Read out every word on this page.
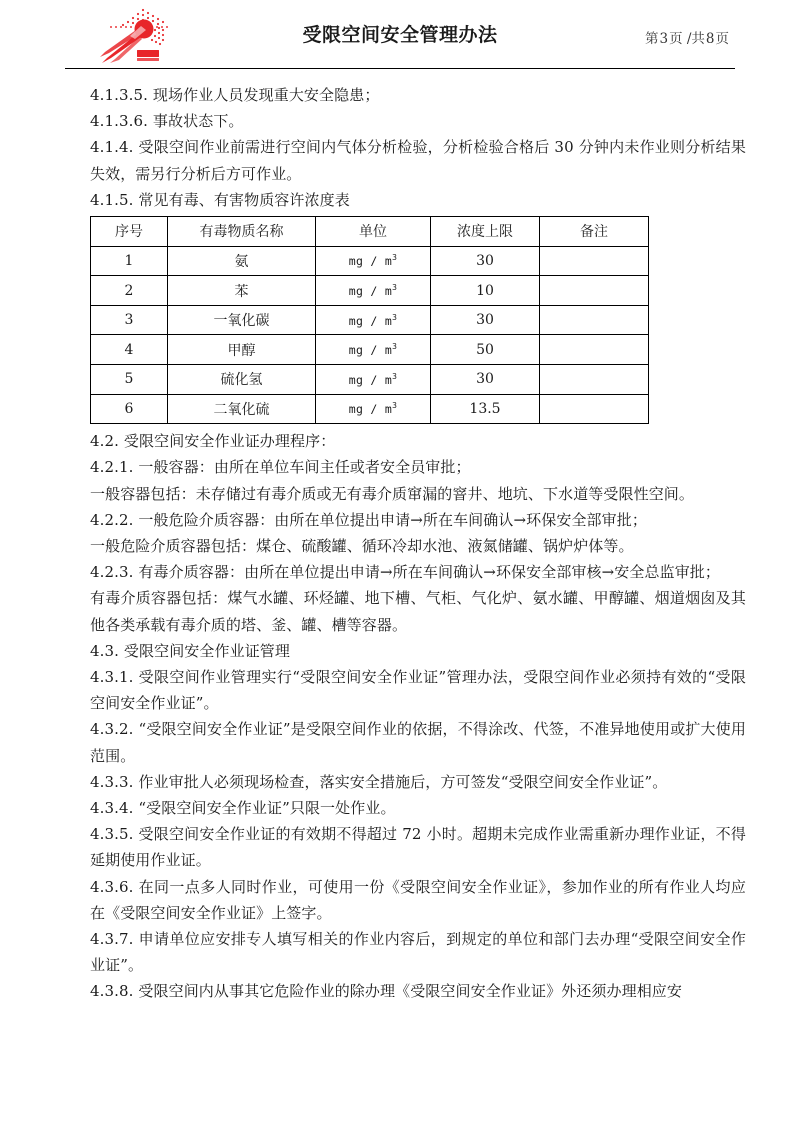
受限空间安全管理办法	第3页 /共8页

4.1.3.5. 现场作业人员发现重大安全隐患；

4.1.3.6. 事故状态下。

4.1.4. 受限空间作业前需进行空间内气体分析检验，分析检验合格后 30 分钟内未作业则分析结果失效，需另行分析后方可作业。

4.1.5. 常见有毒、有害物质容许浓度表

序号	有毒物质名称	单位	浓度上限	备注
1	氨	mg / $m^3$	30	
2	苯	mg / $m^3$	10	
3	一氧化碳	mg / $m^3$	30	
4	甲醇	mg / $m^3$	50	
5	硫化氢	mg / $m^3$	30	
6	二氧化硫	mg / $m^3$	13.5	

4.2. 受限空间安全作业证办理程序：

4.2.1. 一般容器：由所在单位车间主任或者安全员审批；

一般容器包括：未存储过有毒介质或无有毒介质窜漏的窨井、地坑、下水道等受限性空间。

4.2.2. 一般危险介质容器：由所在单位提出申请→所在车间确认→环保安全部审批；

一般危险介质容器包括：煤仓、硫酸罐、循环冷却水池、液氮储罐、锅炉炉体等。

4.2.3. 有毒介质容器：由所在单位提出申请→所在车间确认→环保安全部审核→安全总监审批；

有毒介质容器包括：煤气水罐、环烃罐、地下槽、气柜、气化炉、氨水罐、甲醇罐、烟道烟囱及其他各类承载有毒介质的塔、釜、罐、槽等容器。

4.3. 受限空间安全作业证管理

4.3.1. 受限空间作业管理实行“受限空间安全作业证”管理办法，受限空间作业必须持有效的“受限空间安全作业证”。

4.3.2. “受限空间安全作业证”是受限空间作业的依据，不得涂改、代签，不准异地使用或扩大使用范围。

4.3.3. 作业审批人必须现场检查，落实安全措施后，方可签发“受限空间安全作业证”。

4.3.4. “受限空间安全作业证”只限一处作业。

4.3.5. 受限空间安全作业证的有效期不得超过 72 小时。超期未完成作业需重新办理作业证，不得延期使用作业证。

4.3.6. 在同一点多人同时作业，可使用一份《受限空间安全作业证》，参加作业的所有作业人均应在《受限空间安全作业证》上签字。

4.3.7. 申请单位应安排专人填写相关的作业内容后，到规定的单位和部门去办理“受限空间安全作业证”。

4.3.8. 受限空间内从事其它危险作业的除办理《受限空间安全作业证》外还须办理相应安
